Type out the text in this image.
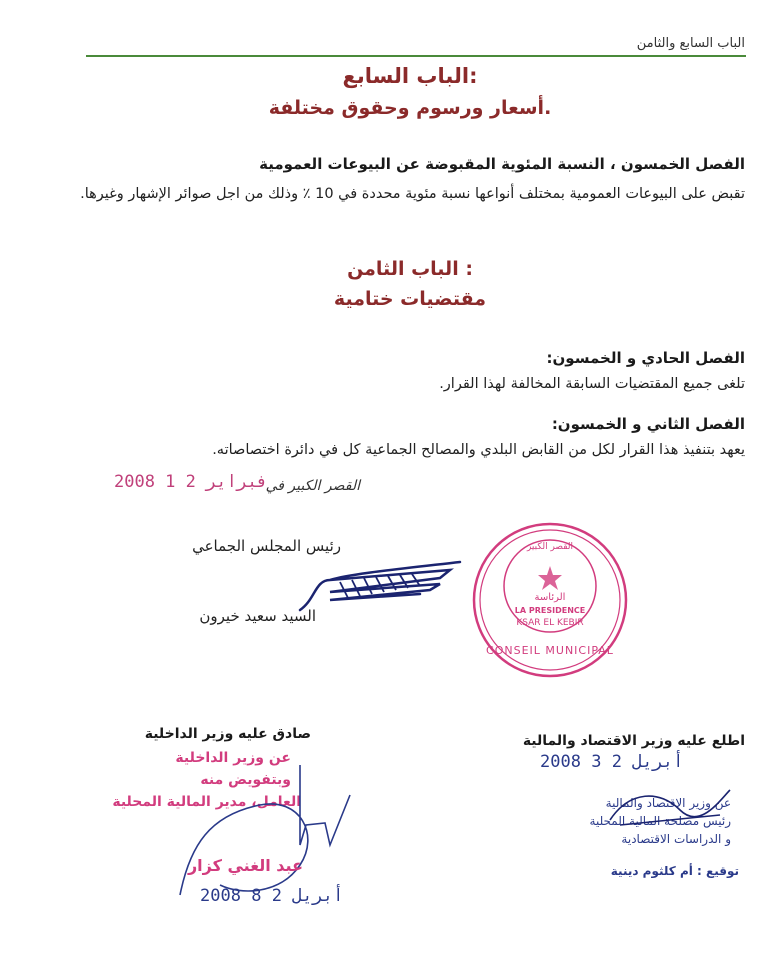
الباب السابع والثامن
الباب السابع:
أسعار ورسوم وحقوق مختلفة.
الفصل الخمسون ، النسبة المئوية المقبوضة عن البيوعات العمومية
تقبض على البيوعات العمومية بمختلف أنواعها نسبة مئوية محددة في 10 ٪ وذلك من اجل صوائر الإشهار وغيرها.
الباب الثامن :
مقتضيات ختامية
الفصل الحادي و الخمسون:
تلغى جميع المقتضيات السابقة المخالفة لهذا القرار.
الفصل الثاني و الخمسون:
يعهد بتنفيذ هذا القرار لكل من القابض البلدي والمصالح الجماعية كل في دائرة اختصاصاته.
2008 1 2 فبراير
القصر الكبير في
رئيس المجلس الجماعي
السيد سعيد خيرون
القصر الكبير
الرئاسة
LA PRESIDENCE
KSAR EL KEBIR
CONSEIL MUNICIPAL
صادق عليه وزير الداخلية
عن وزير الداخلية
وبتفويض منه
العامل، مدير المالية المحلية
عبد الغني كزار
2008 أبريل 2 8
اطلع عليه وزير الاقتصاد والمالية
2008 أبريل 2 3
عن وزير الاقتصاد والمالية
رئيس مصلحة المالية المحلية
و الدراسات الاقتصادية
توقيع : أم كلثوم دينية
